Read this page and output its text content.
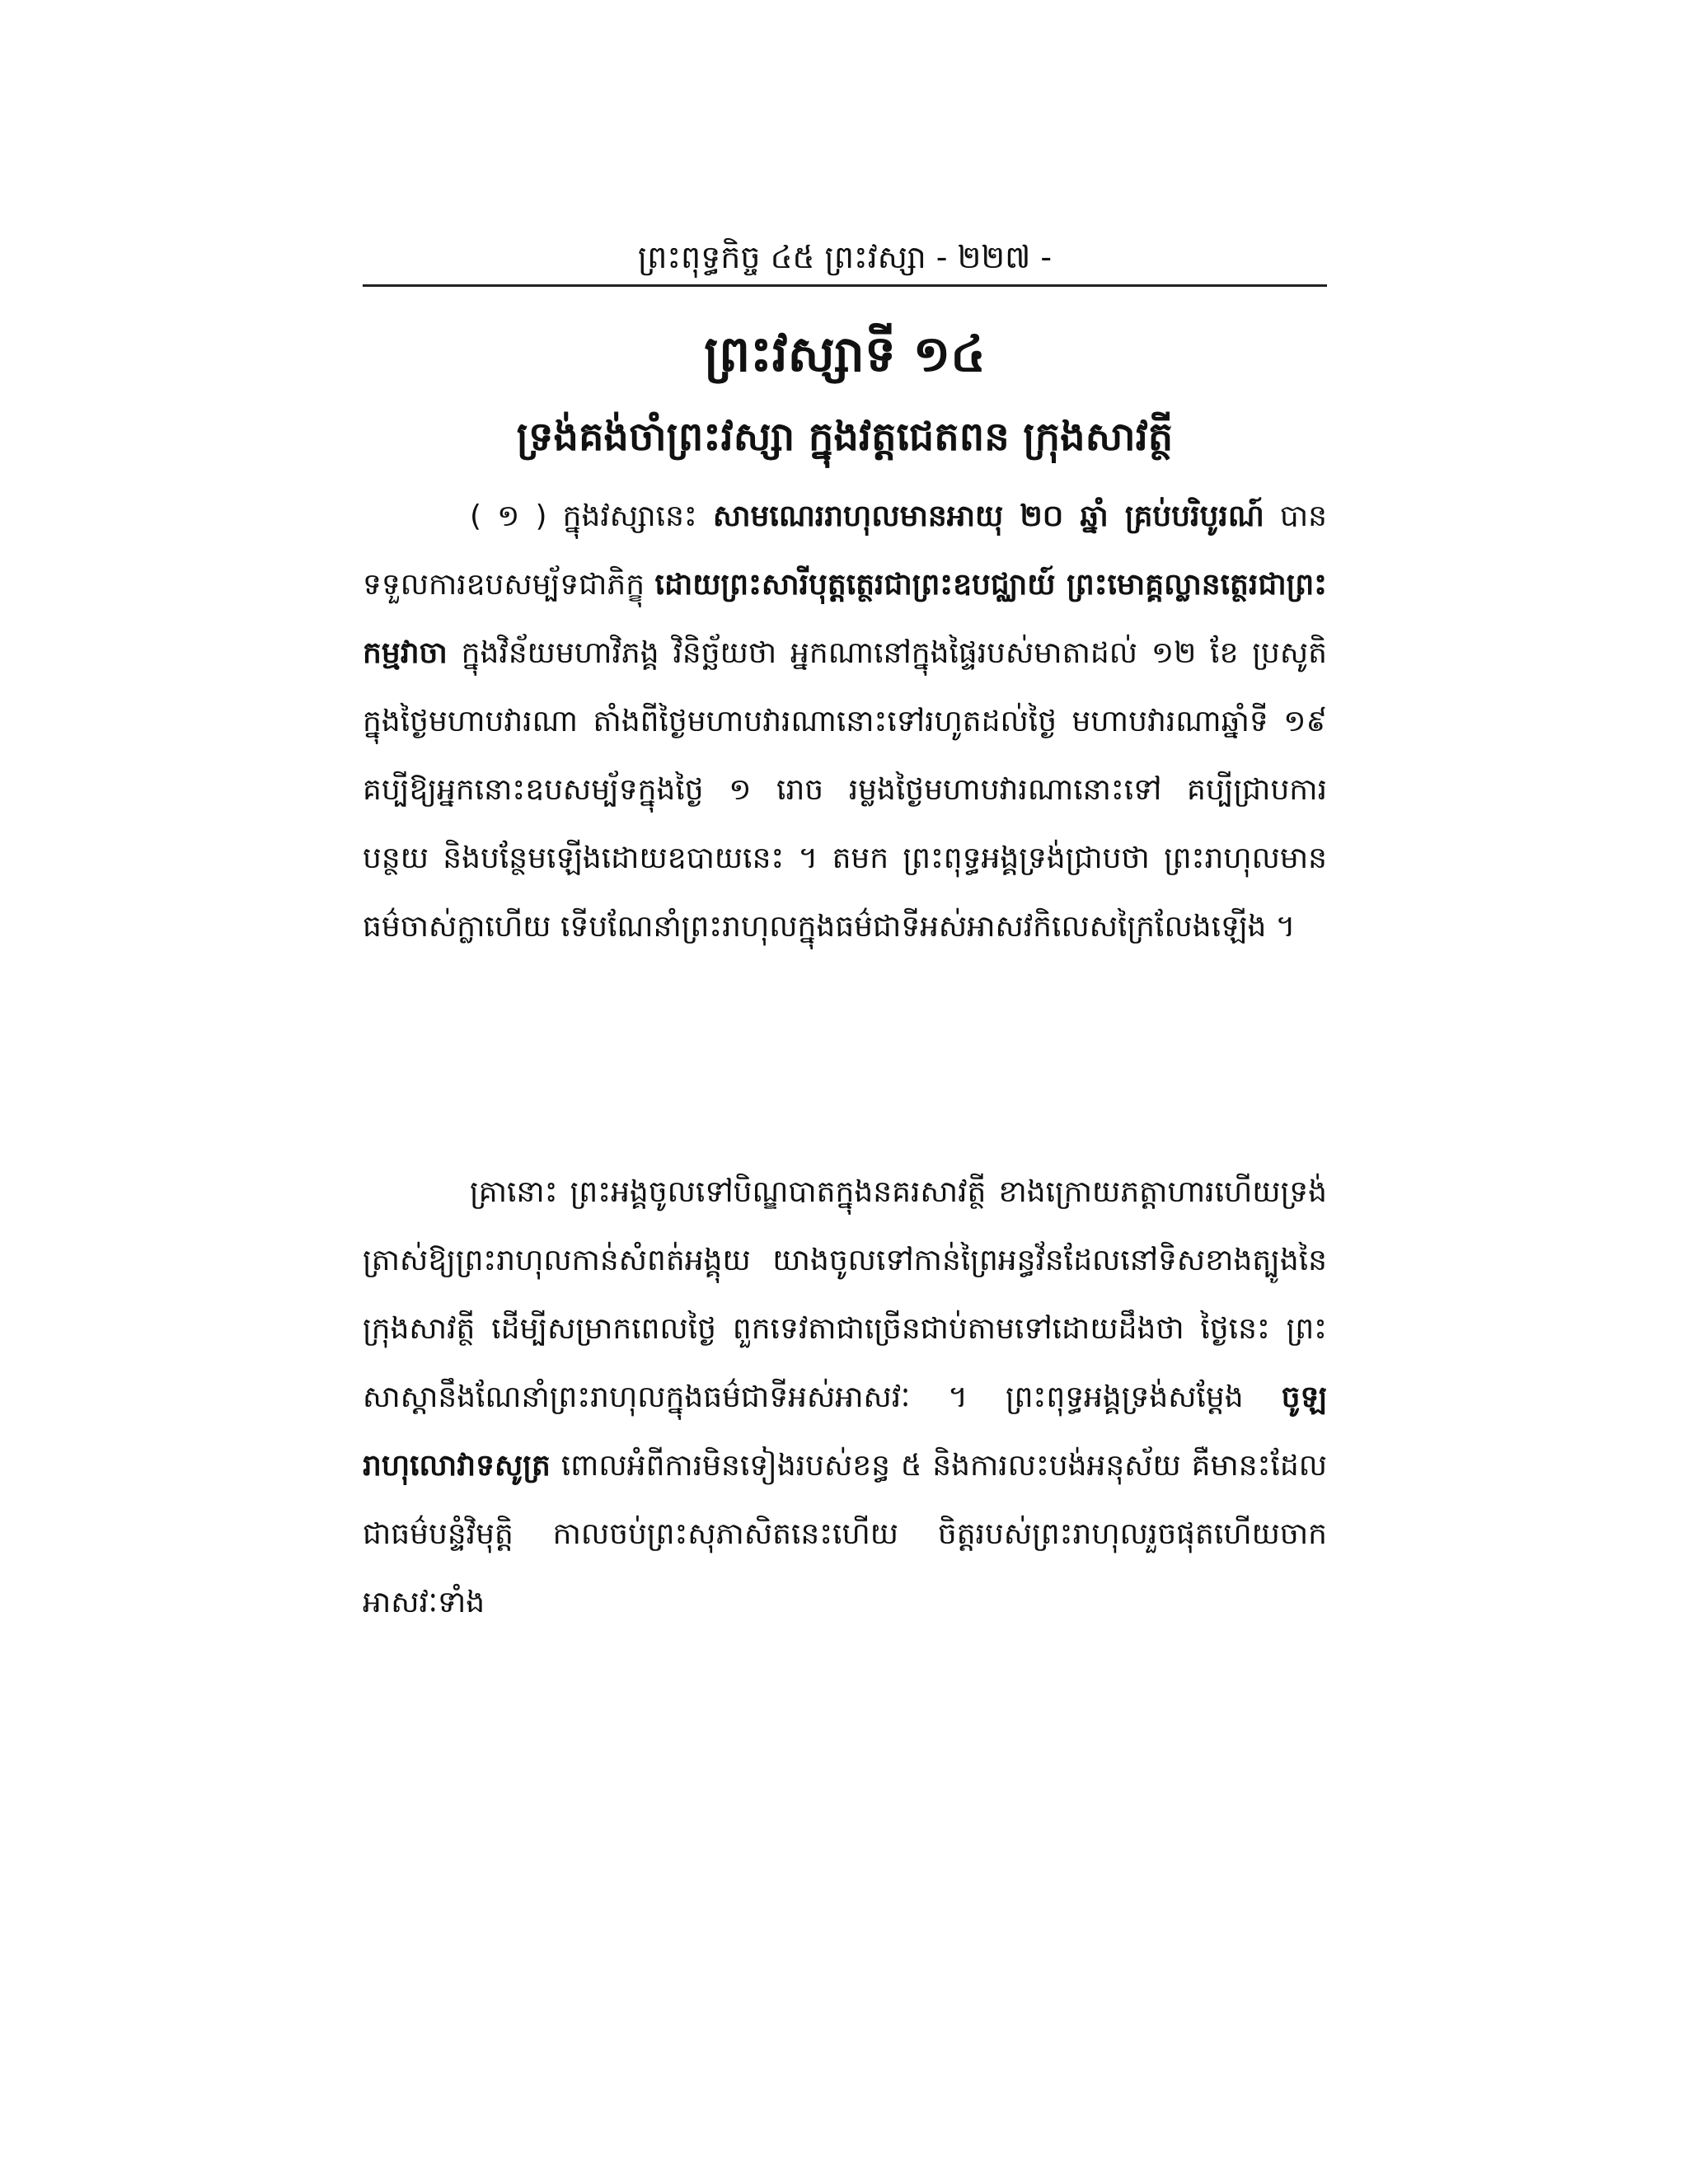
ព្រះពុទ្ធកិច្ច ៤៥ ព្រះវស្សា - ២២៧ -
ព្រះវស្សាទី ១៤
ទ្រង់គង់ចាំព្រះវស្សា ក្នុងវត្តជេតពន ក្រុងសាវត្ថី

( ១ ) ក្នុងវស្សានេះ សាមណេររាហុលមានអាយុ ២០ ឆ្នាំ គ្រប់បរិបូរណ៍ បានទទួលការឧបសម្ប័ទជាភិក្ខុ ដោយព្រះសារីបុត្តត្ថេរជាព្រះឧបជ្ឈាយ៍ ព្រះមោគ្គល្លានត្ថេរជាព្រះកម្មវាចា ក្នុងវិន័យមហាវិភង្គ វិនិច្ឆ័យថា អ្នកណានៅក្នុងផ្ទៃរបស់មាតាដល់ ១២ ខែ ប្រសូតិក្នុងថ្ងៃមហាបវារណា តាំងពីថ្ងៃមហាបវារណានោះទៅរហូតដល់ថ្ងៃ មហាបវារណាឆ្នាំទី ១៩ គប្បីឱ្យអ្នកនោះឧបសម្ប័ទក្នុងថ្ងៃ ១ រោច រម្លងថ្ងៃមហាបវារណានោះទៅ គប្បីជ្រាបការបន្ថយ និងបន្ថែមឡើងដោយឧបាយនេះ ។ តមក ព្រះពុទ្ធអង្គទ្រង់ជ្រាបថា ព្រះរាហុលមានធម៌ចាស់ក្លាហើយ ទើបណែនាំព្រះរាហុលក្នុងធម៌ជាទីអស់អាសវកិលេសក្រៃលែងឡើង ។

គ្រានោះ ព្រះអង្គចូលទៅបិណ្ឌបាតក្នុងនគរសាវត្ថី ខាងក្រោយភត្តាហារហើយទ្រង់ត្រាស់ឱ្យព្រះរាហុលកាន់សំពត់អង្គុយ យាងចូលទៅកាន់ព្រៃអន្ធវ័នដែលនៅទិសខាងត្បូងនៃក្រុងសាវត្ថី ដើម្បីសម្រាកពេលថ្ងៃ ពួកទេវតាជាច្រើនជាប់តាមទៅដោយដឹងថា ថ្ងៃនេះ ព្រះសាស្ដានឹងណែនាំព្រះរាហុលក្នុងធម៌ជាទីអស់អាសវៈ ។ ព្រះពុទ្ធអង្គទ្រង់សម្ដែង ចូឡរាហុលោវាទសូត្រ ពោលអំពីការមិនទៀងរបស់ខន្ធ ៥ និងការលះបង់អនុស័យ គឺមានះដែលជាធម៌បន្ទំវិមុត្តិ កាលចប់ព្រះសុភាសិតនេះហើយ ចិត្តរបស់ព្រះរាហុលរួចផុតហើយចាកអាសវៈទាំង
